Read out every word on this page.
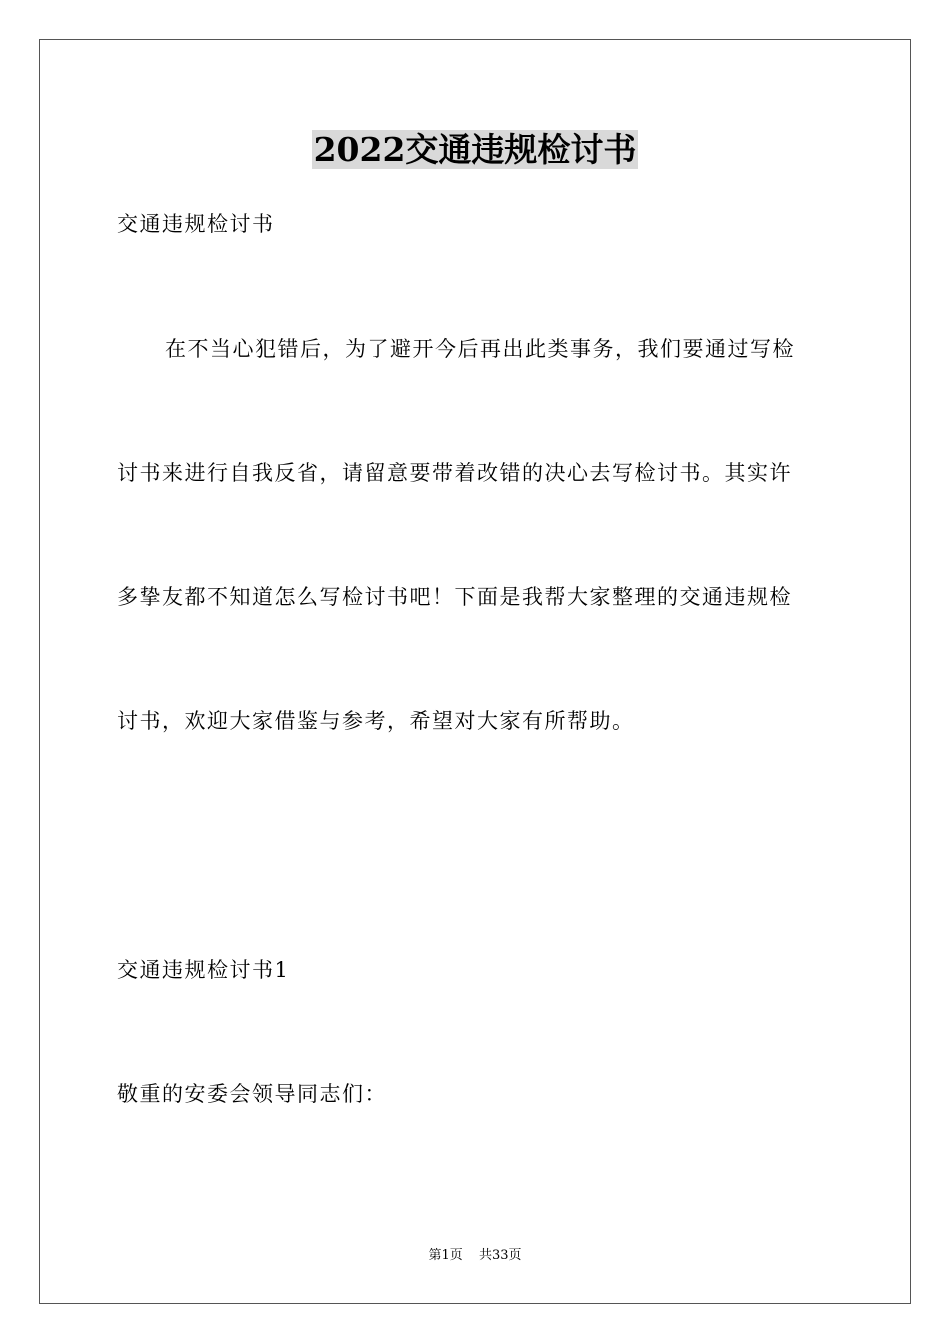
2022交通违规检讨书
交通违规检讨书
在不当心犯错后，为了避开今后再出此类事务，我们要通过写检
讨书来进行自我反省，请留意要带着改错的决心去写检讨书。其实许
多挚友都不知道怎么写检讨书吧！下面是我帮大家整理的交通违规检
讨书，欢迎大家借鉴与参考，希望对大家有所帮助。
交通违规检讨书1
敬重的安委会领导同志们：
第1页 共33页
